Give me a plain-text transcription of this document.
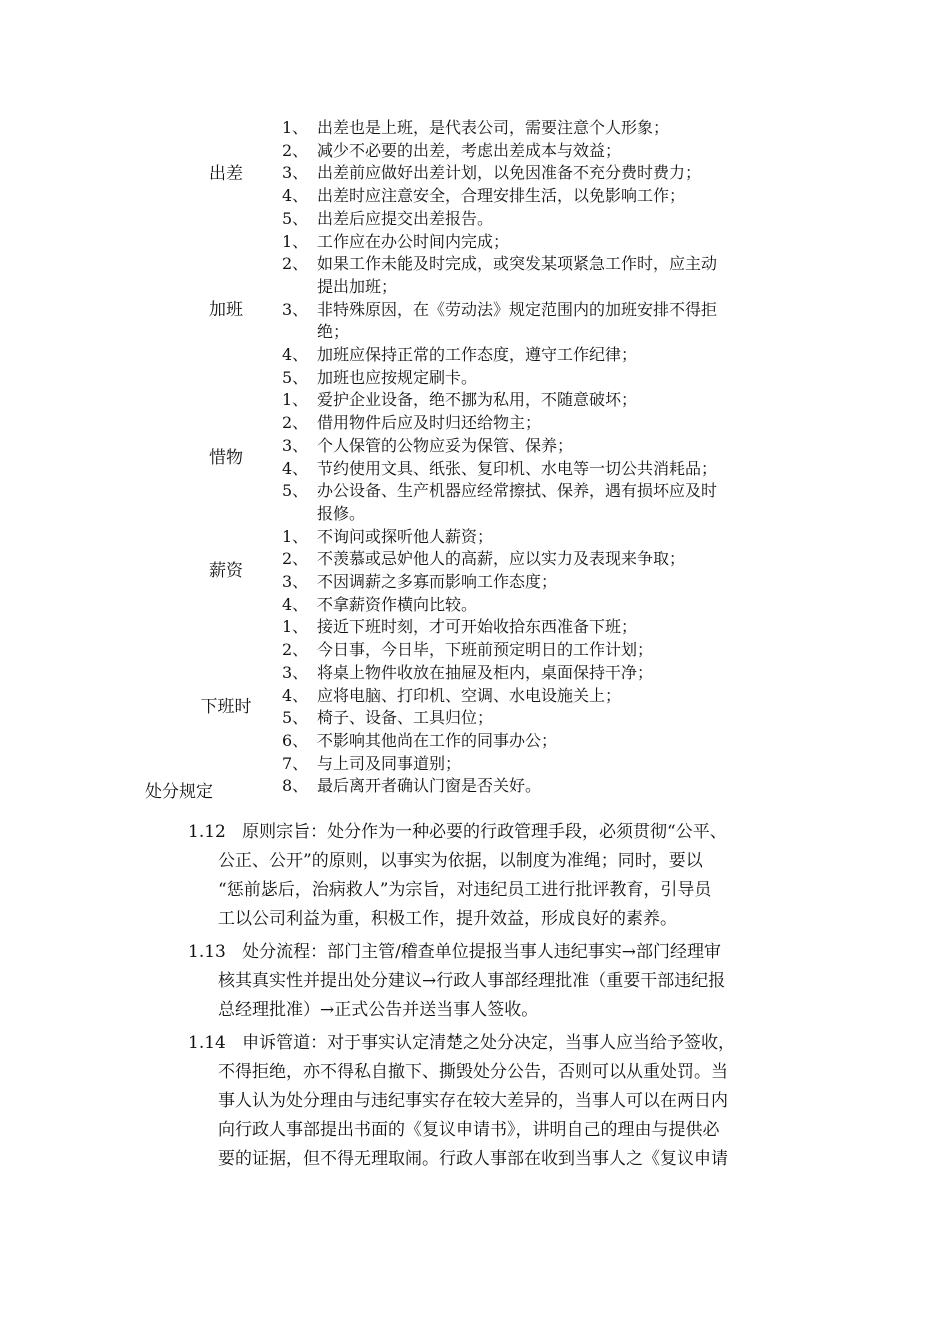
出差
1、 出差也是上班，是代表公司，需要注意个人形象；
2、 减少不必要的出差，考虑出差成本与效益；
3、 出差前应做好出差计划，以免因准备不充分费时费力；
4、 出差时应注意安全，合理安排生活，以免影响工作；
5、 出差后应提交出差报告。
加班
1、 工作应在办公时间内完成；
2、 如果工作未能及时完成，或突发某项紧急工作时，应主动
提出加班；
3、 非特殊原因，在《劳动法》规定范围内的加班安排不得拒
绝；
4、 加班应保持正常的工作态度，遵守工作纪律；
5、 加班也应按规定刷卡。
惜物
1、 爱护企业设备，绝不挪为私用，不随意破坏；
2、 借用物件后应及时归还给物主；
3、 个人保管的公物应妥为保管、保养；
4、 节约使用文具、纸张、复印机、水电等一切公共消耗品；
5、 办公设备、生产机器应经常擦拭、保养，遇有损坏应及时
报修。
薪资
1、 不询问或探听他人薪资；
2、 不羡慕或忌妒他人的高薪，应以实力及表现来争取；
3、 不因调薪之多寡而影响工作态度；
4、 不拿薪资作横向比较。
下班时
1、 接近下班时刻，才可开始收拾东西准备下班；
2、 今日事，今日毕，下班前预定明日的工作计划；
3、 将桌上物件收放在抽屉及柜内，桌面保持干净；
4、 应将电脑、打印机、空调、水电设施关上；
5、 椅子、设备、工具归位；
6、 不影响其他尚在工作的同事办公；
7、 与上司及同事道别；
8、 最后离开者确认门窗是否关好。
处分规定
1.12   原则宗旨：处分作为一种必要的行政管理手段，必须贯彻“公平、
公正、公开”的原则，以事实为依据，以制度为准绳；同时，要以
“惩前毖后，治病救人”为宗旨，对违纪员工进行批评教育，引导员
工以公司利益为重，积极工作，提升效益，形成良好的素养。
1.13   处分流程：部门主管/稽查单位提报当事人违纪事实→部门经理审
核其真实性并提出处分建议→行政人事部经理批准（重要干部违纪报
总经理批准）→正式公告并送当事人签收。
1.14   申诉管道：对于事实认定清楚之处分决定，当事人应当给予签收，
不得拒绝，亦不得私自撤下、撕毁处分公告，否则可以从重处罚。当
事人认为处分理由与违纪事实存在较大差异的，当事人可以在两日内
向行政人事部提出书面的《复议申请书》，讲明自己的理由与提供必
要的证据，但不得无理取闹。行政人事部在收到当事人之《复议申请
